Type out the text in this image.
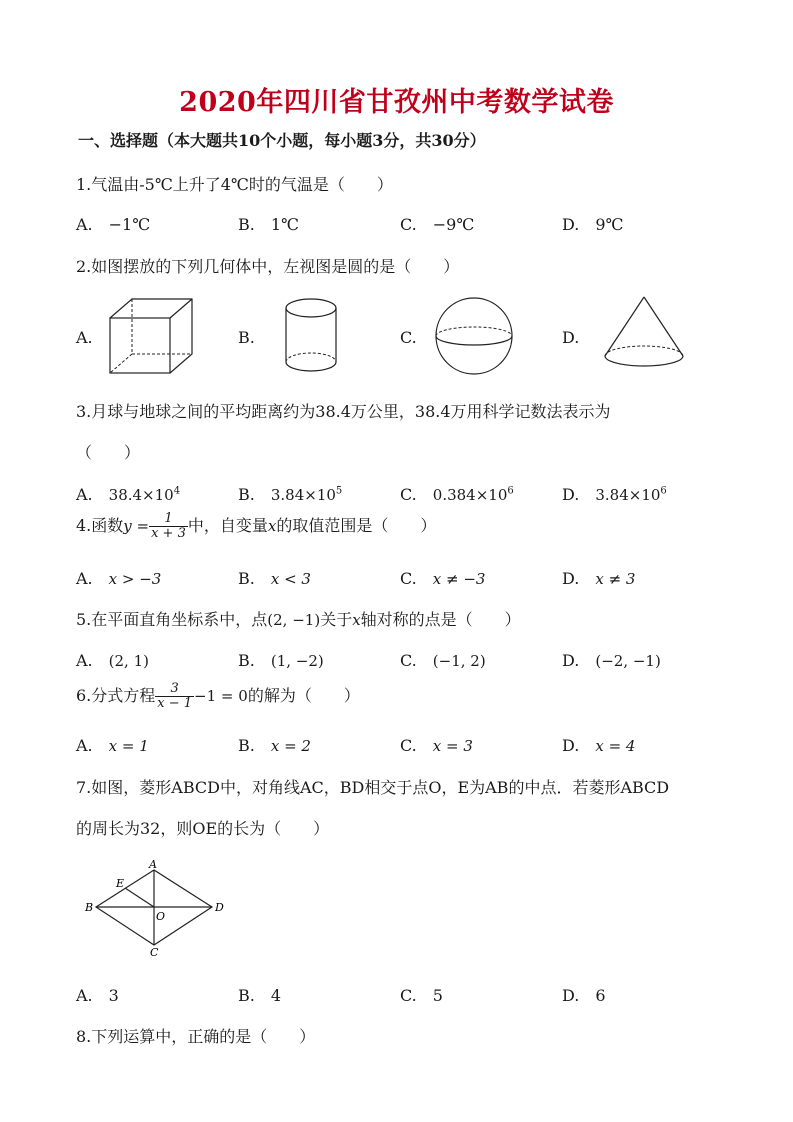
2020年四川省甘孜州中考数学试卷
一、选择题（本大题共10个小题，每小题3分，共30分）
1.气温由-5℃上升了4℃时的气温是（　　）
A.　−1℃	B.　1℃	C.　−9℃	D.　9℃
2.如图摆放的下列几何体中，左视图是圆的是（　　）
A.	B.	C.	D.
3.月球与地球之间的平均距离约为38.4万公里，38.4万用科学记数法表示为
（　　）
A.　 $38.4\times 10^4$	B.　 $3.84\times 10^5$	C.　 $0.384\times 10^6$	D.　 $3.84\times 10^6$
4.函数$y = \frac{1}{x + 3}$ 中，自变量x的取值范围是（　　）
A.　 x > −3	B.　 x < 3	C.　 x ≠ −3	D.　 x ≠ 3
5.在平面直角坐标系中，点(2, −1)关于x轴对称的点是（　　）
A.　 (2, 1)	B.　 (1, −2)	C.　 (−1, 2)	D.　 (−2, −1)
6.分式方程 $\frac{3}{x - 1} -1 = 0$的解为（　　）
A.　 x = 1	B.　 x = 2	C.　 x = 3	D.　 x = 4
7.如图，菱形ABCD中，对角线AC，BD相交于点O，E为AB的中点．若菱形ABCD
的周长为32，则OE的长为（　　）
A
B
C
D
E
O
A.　3	B.　4	C.　5	D.　6
8.下列运算中，正确的是（　　）
